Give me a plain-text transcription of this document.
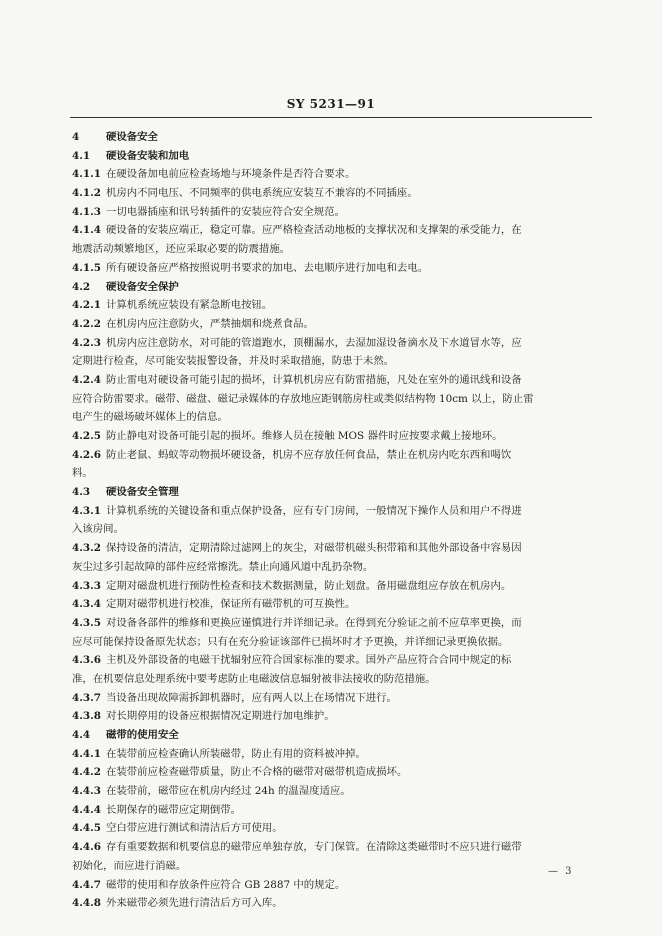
SY 5231—91
4	硬设备安全
4.1 硬设备安装和加电
4.1.1 在硬设备加电前应检查场地与环境条件是否符合要求。
4.1.2 机房内不同电压、不同频率的供电系统应安装互不兼容的不同插座。
4.1.3 一切电器插座和讯号转插件的安装应符合安全规范。
4.1.4 硬设备的安装应端正，稳定可靠。应严格检查活动地板的支撑状况和支撑架的承受能力，在
地震活动频繁地区，还应采取必要的防震措施。
4.1.5 所有硬设备应严格按照说明书要求的加电、去电顺序进行加电和去电。
4.2 硬设备安全保护
4.2.1 计算机系统应装设有紧急断电按钮。
4.2.2 在机房内应注意防火，严禁抽烟和烧煮食品。
4.2.3 机房内应注意防水，对可能的管道跑水，顶棚漏水，去湿加湿设备滴水及下水道冒水等，应
定期进行检查，尽可能安装报警设备，并及时采取措施，防患于未然。
4.2.4 防止雷电对硬设备可能引起的损坏，计算机机房应有防雷措施，凡处在室外的通讯线和设备
应符合防雷要求。磁带、磁盘、磁记录媒体的存放地应距钢筋房柱或类似结构物 10cm 以上，防止雷
电产生的磁场破坏媒体上的信息。
4.2.5 防止静电对设备可能引起的损坏。维修人员在接触 MOS 器件时应按要求戴上接地环。
4.2.6 防止老鼠、蚂蚁等动物损坏硬设备，机房不应存放任何食品，禁止在机房内吃东西和喝饮
料。
4.3 硬设备安全管理
4.3.1 计算机系统的关键设备和重点保护设备，应有专门房间，一般情况下操作人员和用户不得进
入该房间。
4.3.2 保持设备的清洁，定期清除过滤网上的灰尘，对磁带机磁头积带箱和其他外部设备中容易因
灰尘过多引起故障的部件应经常擦洗。禁止向通风道中乱扔杂物。
4.3.3 定期对磁盘机进行预防性检查和技术数据测量，防止划盘。备用磁盘组应存放在机房内。
4.3.4 定期对磁带机进行校准，保证所有磁带机的可互换性。
4.3.5 对设备各部件的维修和更换应谨慎进行并详细记录。在得到充分验证之前不应草率更换，而
应尽可能保持设备原先状态；只有在充分验证该部件已损坏时才予更换，并详细记录更换依据。
4.3.6 主机及外部设备的电磁干扰辐射应符合国家标准的要求。国外产品应符合合同中规定的标
准，在机要信息处理系统中要考虑防止电磁波信息辐射被非法接收的防范措施。
4.3.7 当设备出现故障需拆卸机器时，应有两人以上在场情况下进行。
4.3.8 对长期停用的设备应根据情况定期进行加电维护。
4.4 磁带的使用安全
4.4.1 在装带前应检查确认所装磁带，防止有用的资料被冲掉。
4.4.2 在装带前应检查磁带质量，防止不合格的磁带对磁带机造成损坏。
4.4.3 在装带前，磁带应在机房内经过 24h 的温湿度适应。
4.4.4 长期保存的磁带应定期倒带。
4.4.5 空白带应进行测试和清洁后方可使用。
4.4.6 存有重要数据和机要信息的磁带应单独存放，专门保管。在清除这类磁带时不应只进行磁带
初始化，而应进行消磁。
4.4.7 磁带的使用和存放条件应符合 GB 2887 中的规定。
4.4.8 外来磁带必须先进行清洁后方可入库。
— 3
